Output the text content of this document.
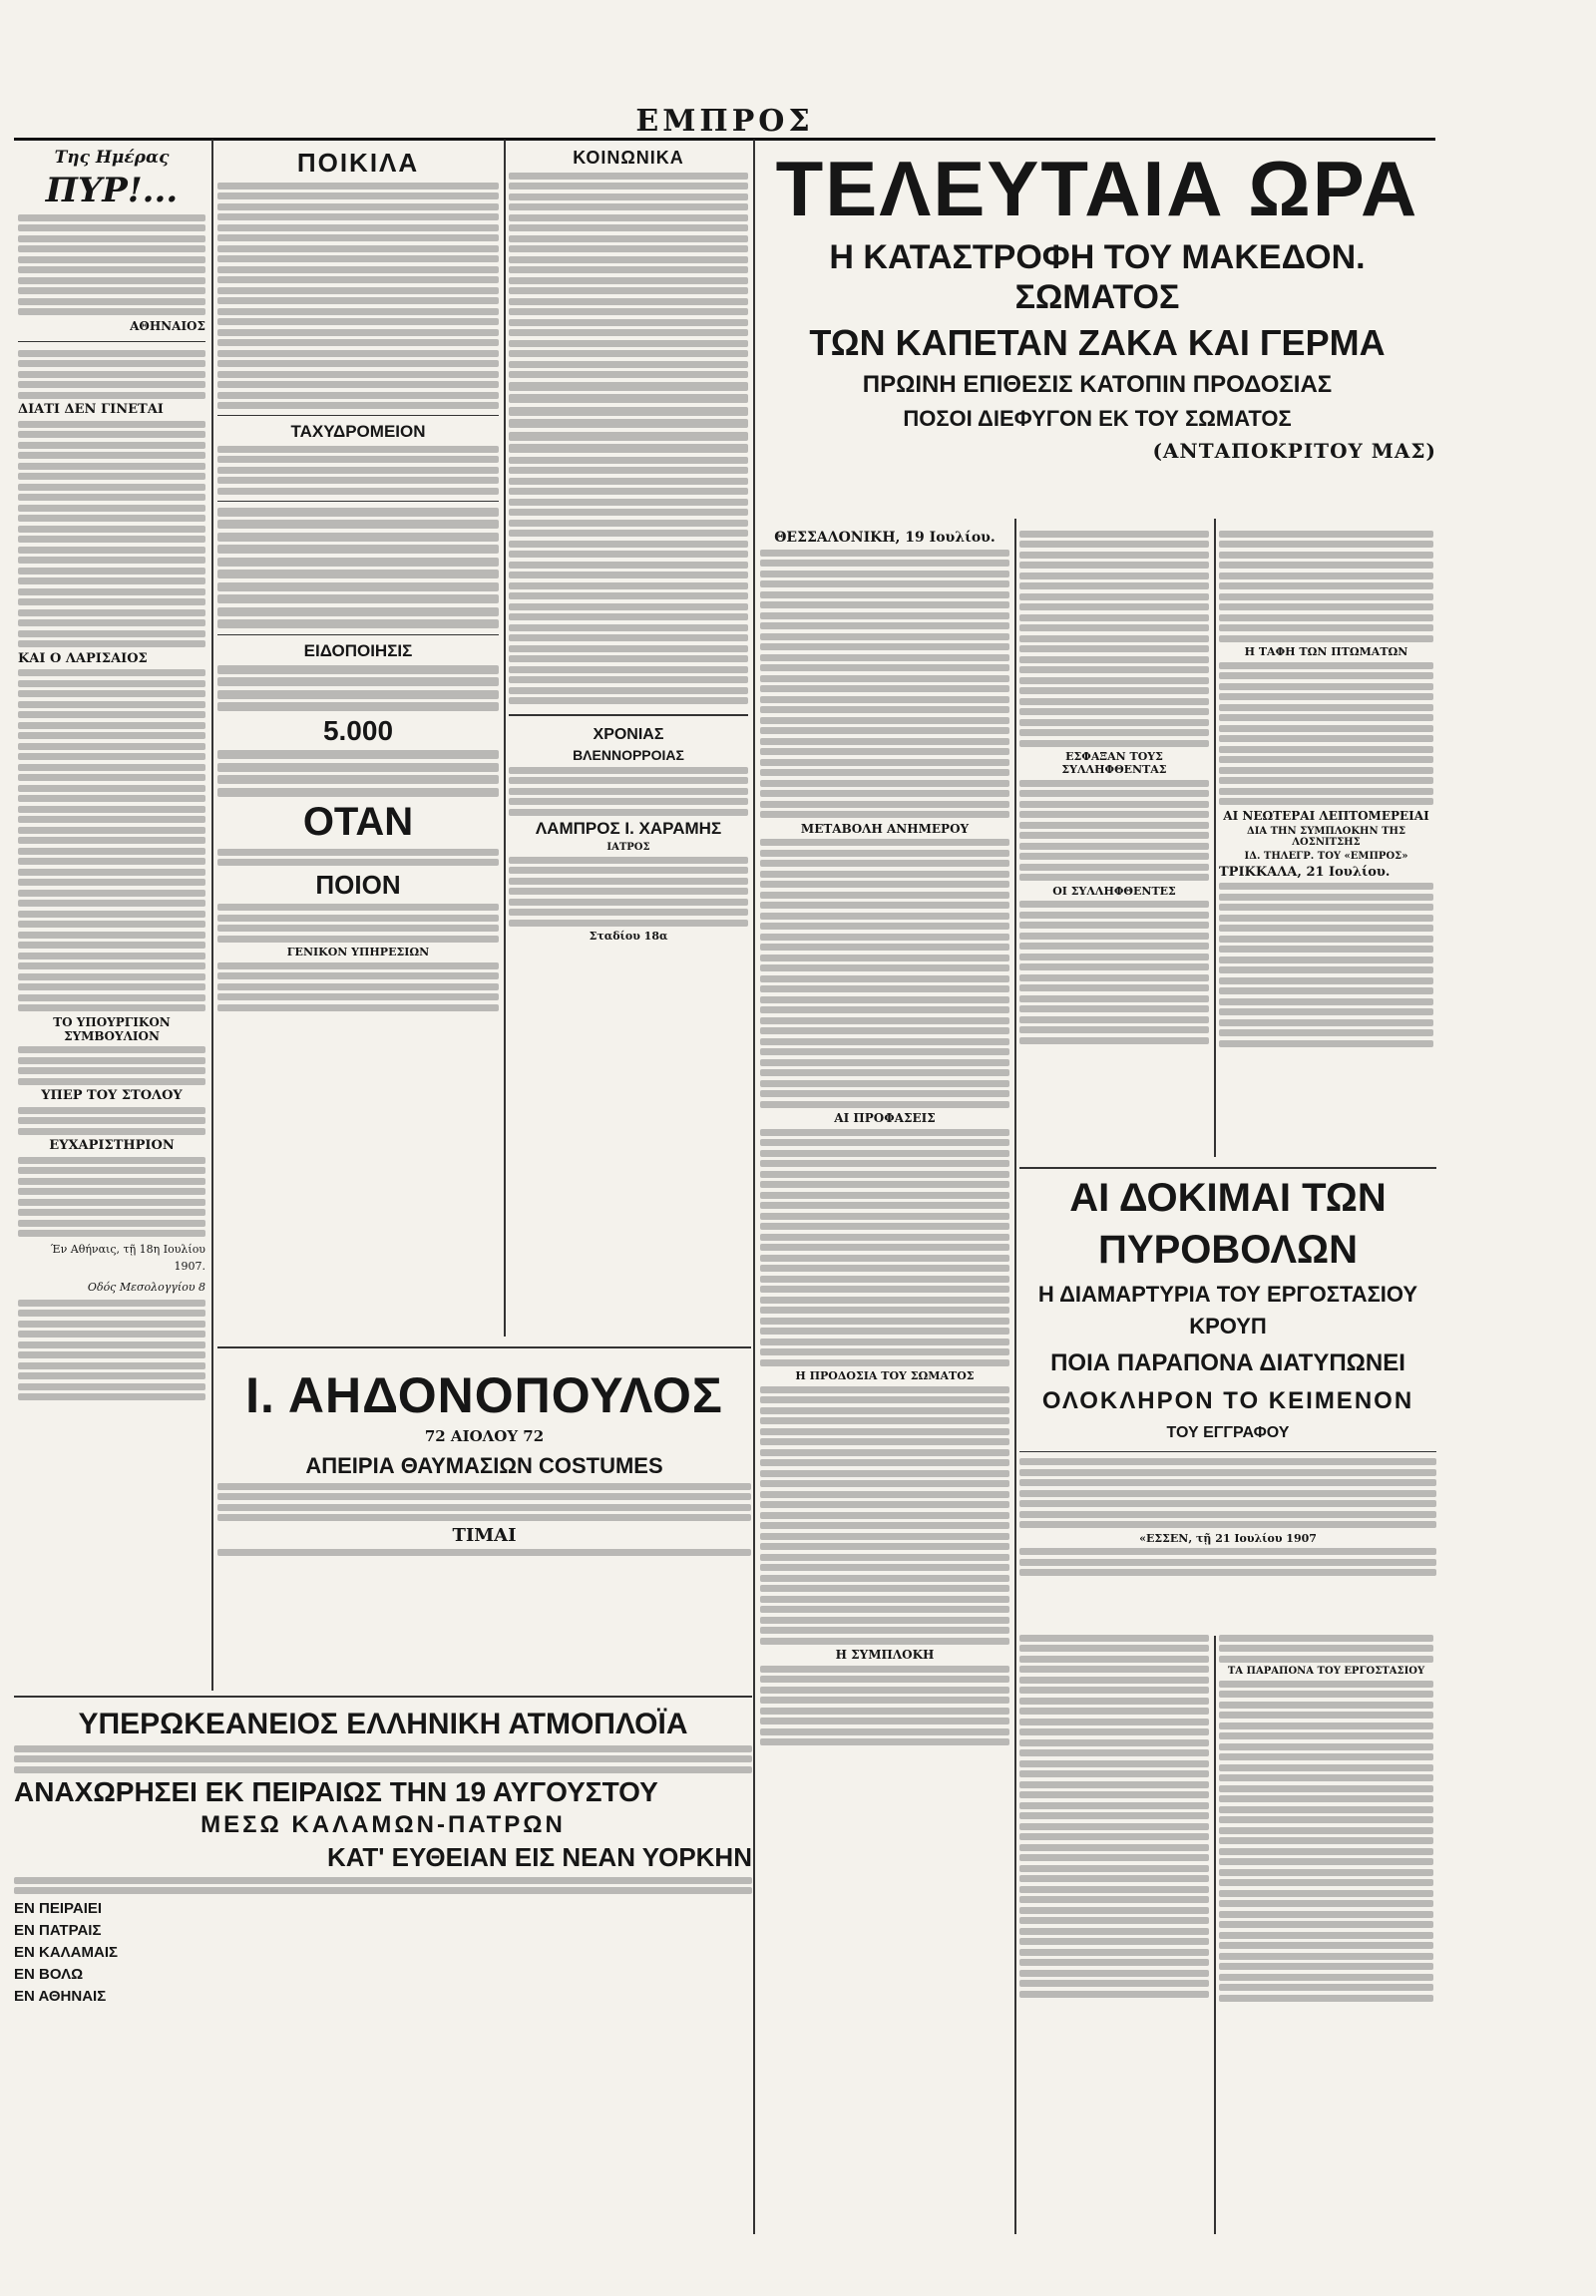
ΕΜΠΡΟΣ
Της Ημέρας
ΠΥΡ!...
ΑΘΗΝΑΙΟΣ
ΔΙΑΤΙ ΔΕΝ ΓΙΝΕΤΑΙ
ΚΑΙ Ο ΛΑΡΙΣΑΙΟΣ
ΤΟ ΥΠΟΥΡΓΙΚΟΝ ΣΥΜΒΟΥΛΙΟΝ
ΥΠΕΡ ΤΟΥ ΣΤΟΛΟΥ
ΕΥΧΑΡΙΣΤΗΡΙΟΝ
Έν Αθήναις, τῇ 18η Ιουλίου 1907.
Οδός Μεσολογγίου 8
ΠΟΙΚΙΛΑ
ΤΑΧΥΔΡΟΜΕΙΟΝ
ΕΙΔΟΠΟΙΗΣΙΣ
5.000
ΟΤΑΝ
ΠΟΙΟΝ
ΓΕΝΙΚΟΝ ΥΠΗΡΕΣΙΩΝ
ΚΟΙΝΩΝΙΚΑ
ΧΡΟΝΙΑΣ
ΒΛΕΝΝΟΡΡΟΙΑΣ
ΛΑΜΠΡΟΣ Ι. ΧΑΡΑΜΗΣ
ΙΑΤΡΟΣ
Σταδίου 18α
Ι. ΑΗΔΟΝΟΠΟΥΛΟΣ
72 ΑΙΟΛΟΥ 72
ΑΠΕΙΡΙΑ ΘΑΥΜΑΣΙΩΝ COSTUMES
ΤΙΜΑΙ
ΥΠΕΡΩΚΕΑΝΕΙΟΣ ΕΛΛΗΝΙΚΗ ΑΤΜΟΠΛΟΪΑ
ΑΝΑΧΩΡΗΣΕΙ ΕΚ ΠΕΙΡΑΙΩΣ ΤΗΝ 19 ΑΥΓΟΥΣΤΟΥ
ΜΕΣΩ ΚΑΛΑΜΩΝ-ΠΑΤΡΩΝ
ΚΑΤ' ΕΥΘΕΙΑΝ ΕΙΣ ΝΕΑΝ ΥΟΡΚΗΝ
ΕΝ ΠΕΙΡΑΙΕΙ
ΕΝ ΠΑΤΡΑΙΣ
ΕΝ ΚΑΛΑΜΑΙΣ
ΕΝ ΒΟΛΩ
ΕΝ ΑΘΗΝΑΙΣ
ΤΕΛΕΥΤΑΙΑ ΩΡΑ
Η ΚΑΤΑΣΤΡΟΦΗ ΤΟΥ ΜΑΚΕΔΟΝ. ΣΩΜΑΤΟΣ
ΤΩΝ ΚΑΠΕΤΑΝ ΖΑΚΑ ΚΑΙ ΓΕΡΜΑ
ΠΡΩΙΝΗ ΕΠΙΘΕΣΙΣ ΚΑΤΟΠΙΝ ΠΡΟΔΟΣΙΑΣ
ΠΟΣΟΙ ΔΙΕΦΥΓΟΝ ΕΚ ΤΟΥ ΣΩΜΑΤΟΣ
(ΑΝΤΑΠΟΚΡΙΤΟΥ ΜΑΣ)
ΘΕΣΣΑΛΟΝΙΚΗ, 19 Ιουλίου.
ΜΕΤΑΒΟΛΗ ΑΝΗΜΕΡΟΥ
ΑΙ ΠΡΟΦΑΣΕΙΣ
Η ΠΡΟΔΟΣΙΑ ΤΟΥ ΣΩΜΑΤΟΣ
Η ΣΥΜΠΛΟΚΗ
ΕΣΦΑΞΑΝ ΤΟΥΣ ΣΥΛΛΗΦΘΕΝΤΑΣ
ΟΙ ΣΥΛΛΗΦΘΕΝΤΕΣ
Η ΤΑΦΗ ΤΩΝ ΠΤΩΜΑΤΩΝ
ΑΙ ΝΕΩΤΕΡΑΙ ΛΕΠΤΟΜΕΡΕΙΑΙ
ΔΙΑ ΤΗΝ ΣΥΜΠΛΟΚΗΝ ΤΗΣ ΛΟΣΝΙΤΣΗΣ
ΙΔ. ΤΗΛΕΓΡ. ΤΟΥ «ΕΜΠΡΟΣ»
ΤΡΙΚΚΑΛΑ, 21 Ιουλίου.
ΑΙ ΔΟΚΙΜΑΙ ΤΩΝ ΠΥΡΟΒΟΛΩΝ
Η ΔΙΑΜΑΡΤΥΡΙΑ ΤΟΥ ΕΡΓΟΣΤΑΣΙΟΥ ΚΡΟΥΠ
ΠΟΙΑ ΠΑΡΑΠΟΝΑ ΔΙΑΤΥΠΩΝΕΙ
ΟΛΟΚΛΗΡΟΝ ΤΟ ΚΕΙΜΕΝΟΝ
ΤΟΥ ΕΓΓΡΑΦΟΥ
«ΕΣΣΕΝ, τῇ 21 Ιουλίου 1907
ΤΑ ΠΑΡΑΠΟΝΑ ΤΟΥ ΕΡΓΟΣΤΑΣΙΟΥ
